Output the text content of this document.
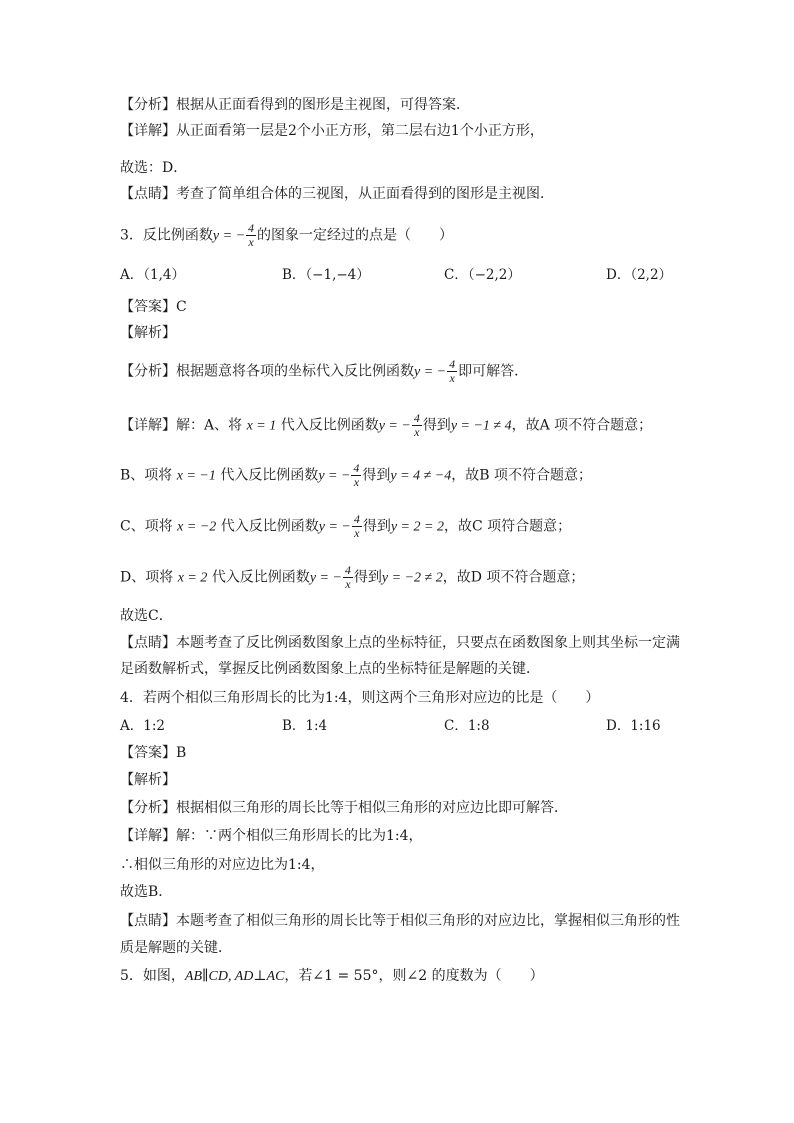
【分析】根据从正面看得到的图形是主视图，可得答案．
【详解】从正面看第一层是2个小正方形，第二层右边1个小正方形，
故选：D．
【点睛】考查了简单组合体的三视图，从正面看得到的图形是主视图．
3．反比例函数y = − $\frac{4}{x}$ 的图象一定经过的点是（　　）
A．（1,4）	B．（−1,−4）	C．（−2,2）	D．（2,2）
【答案】C
【解析】
【分析】根据题意将各项的坐标代入反比例函数y = − $\frac{4}{x}$ 即可解答．
【详解】解：A、将 x = 1 代入反比例函数y = − $\frac{4}{x}$ 得到y = −1 ≠ 4，故A 项不符合题意；
B、项将 x = −1 代入反比例函数y = − $\frac{4}{x}$ 得到y = 4 ≠ −4，故B 项不符合题意；
C、项将 x = −2 代入反比例函数y = − $\frac{4}{x}$ 得到y = 2 = 2，故C 项符合题意；
D、项将 x = 2 代入反比例函数y = − $\frac{4}{x}$ 得到y = −2 ≠ 2，故D 项不符合题意；
故选C．
【点睛】本题考查了反比例函数图象上点的坐标特征，只要点在函数图象上则其坐标一定满
足函数解析式，掌握反比例函数图象上点的坐标特征是解题的关键．
4．若两个相似三角形周长的比为1:4，则这两个三角形对应边的比是（　　）
A．1:2	B．1:4	C．1:8	D．1:16
【答案】B
【解析】
【分析】根据相似三角形的周长比等于相似三角形的对应边比即可解答．
【详解】解：∵两个相似三角形周长的比为1:4，
∴相似三角形的对应边比为1:4，
故选B．
【点睛】本题考查了相似三角形的周长比等于相似三角形的对应边比，掌握相似三角形的性
质是解题的关键．
5．如图，AB∥CD, AD⊥AC，若∠1 = 55°，则∠2 的度数为（　　）
